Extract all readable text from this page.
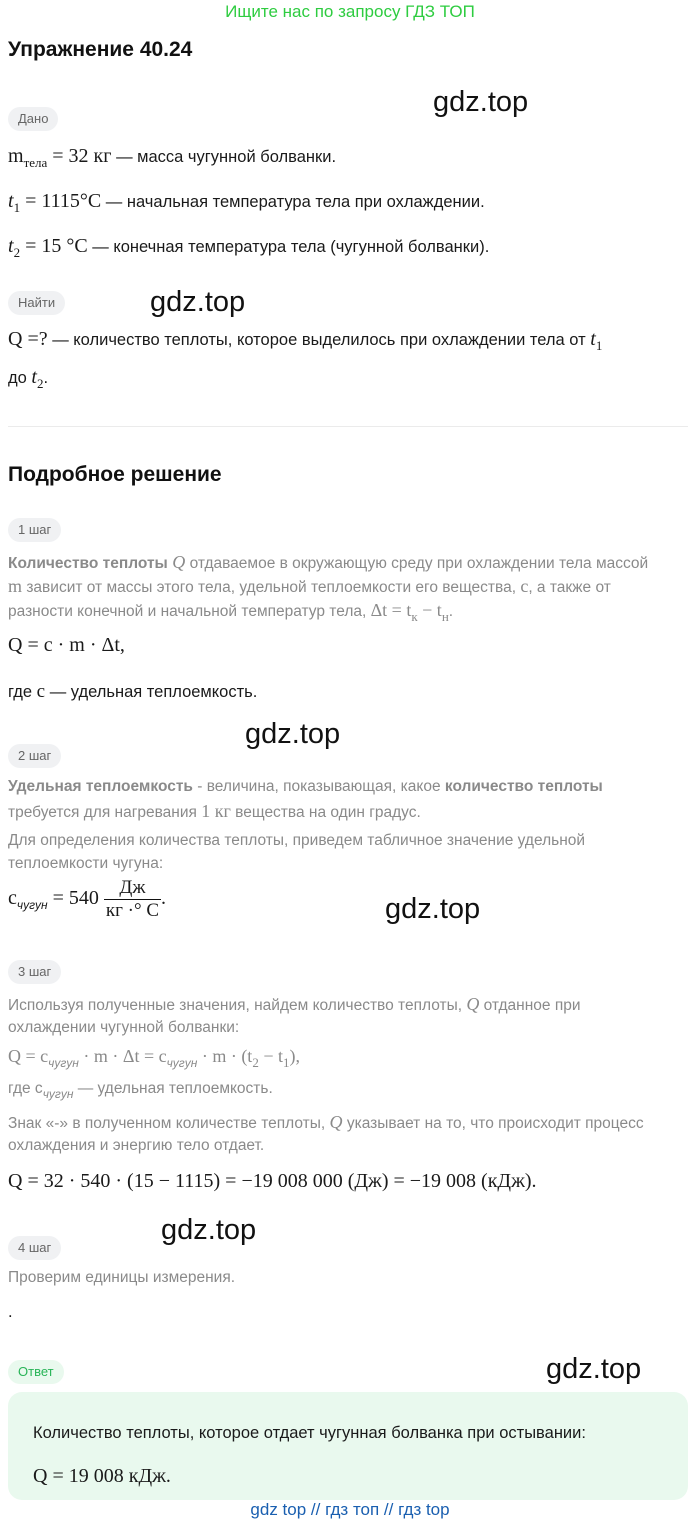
Ищите нас по запросу ГДЗ ТОП
Упражнение 40.24
gdz.top
gdz.top
gdz.top
gdz.top
gdz.top
gdz.top
Дано
$m_{тела} = 32$ кг — масса чугунной болванки.
$t_1 = 1115^\circ C$ — начальная температура тела при охлаждении.
$t_2 = 15$ °C — конечная температура тела (чугунной болванки).
Найти
Q =? — количество теплоты, которое выделилось при охлаждении тела от $t_1$
до $t_2$.
Подробное решение
1 шаг
Количество теплоты Q отдаваемое в окружающую среду при охлаждении тела массой
m зависит от массы этого тела, удельной теплоемкости его вещества, c, а также от
разности конечной и начальной температур тела, $\Delta t = t_к - t_н$.
Q = c · m · Δt,
где c — удельная теплоемкость.
2 шаг
Удельная теплоемкость - величина, показывающая, какое количество теплоты
требуется для нагревания 1 кг вещества на один градус.
Для определения количества теплоты, приведем табличное значение удельной
теплоемкости чугуна:
$c_{чугун} = 540 \frac{Дж}{кг \cdot^\circ C}$ .
3 шаг
Используя полученные значения, найдем количество теплоты, Q отданное при
охлаждении чугунной болванки:
$Q = c_{чугун} \cdot m \cdot \Delta t = c_{чугун} \cdot m \cdot (t_2 - t_1)$,
где $c_{чугун}$ — удельная теплоемкость.
Знак «-» в полученном количестве теплоты, Q указывает на то, что происходит процесс
охлаждения и энергию тело отдает.
Q = 32 · 540 · (15 − 1115) = −19 008 000 (Дж) = −19 008 (кДж).
4 шаг
Проверим единицы измерения.
.
Ответ
Количество теплоты, которое отдает чугунная болванка при остывании:
Q = 19 008 кДж.
gdz top // гдз топ // гдз top
